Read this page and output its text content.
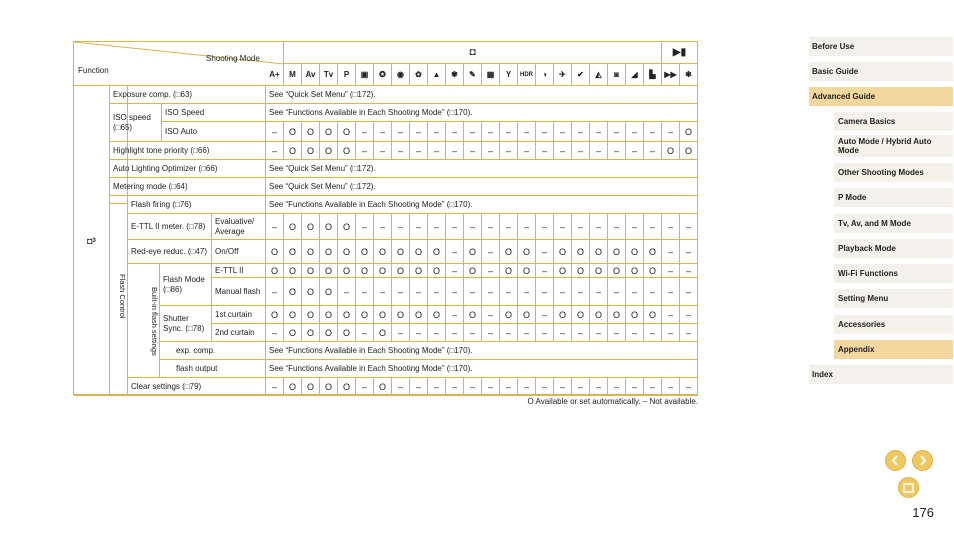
Shooting Mode
Function
◘	▶▮
A+	M	Av	Tv	P	▣	✪	◉	✿	▲	✾	✎	▦	Y	HDR	◑	✈	✔	◭	◙	◢	▙	▶▶	✱
◘ 3
Exposure comp. (□63)	See “Quick Set Menu” (□172).
ISO speed (□65)
ISO Speed	See “Functions Available in Each Shooting Mode” (□170).
ISO Auto	–	O	O	O	O	–	–	–	–	–	–	–	–	–	–	–	–	–	–	–	–	–	–	O
Highlight tone priority (□66)	–	O	O	O	O	–	–	–	–	–	–	–	–	–	–	–	–	–	–	–	–	–	O	O
Auto Lighting Optimizer (□66)	See “Quick Set Menu” (□172).
Metering mode (□64)	See “Quick Set Menu” (□172).
Flash Control
Flash firing (□76)	See “Functions Available in Each Shooting Mode” (□170).
E-TTL II meter. (□78)
Evaluative/ Average	–	O	O	O	O	–	–	–	–	–	–	–	–	–	–	–	–	–	–	–	–	–	–	–
Red-eye reduc. (□47)	On/Off	O	O	O	O	O	O	O	O	O	O	–	O	–	O	O	–	O	O	O	O	O	O	–	–
Built-in flash settings
Flash Mode (□86)
E-TTL II	O	O	O	O	O	O	O	O	O	O	–	O	–	O	O	–	O	O	O	O	O	O	–	–
Manual flash	–	O	O	O	–	–	–	–	–	–	–	–	–	–	–	–	–	–	–	–	–	–	–	–
Shutter Sync. (□78)
1st curtain	O	O	O	O	O	O	O	O	O	O	–	O	–	O	O	–	O	O	O	O	O	O	–	–
2nd curtain	–	O	O	O	O	–	O	–	–	–	–	–	–	–	–	–	–	–	–	–	–	–	–	–
exp. comp.	See “Functions Available in Each Shooting Mode” (□170).
flash output	See “Functions Available in Each Shooting Mode” (□170).
Clear settings (□79)	–	O	O	O	O	–	O	–	–	–	–	–	–	–	–	–	–	–	–	–	–	–	–	–
O Available or set automatically. – Not available.
Before Use
Basic Guide
Advanced Guide
Camera Basics
Auto Mode / Hybrid Auto Mode
Other Shooting Modes
P Mode
Tv, Av, and M Mode
Playback Mode
Wi-Fi Functions
Setting Menu
Accessories
Appendix
Index
176
